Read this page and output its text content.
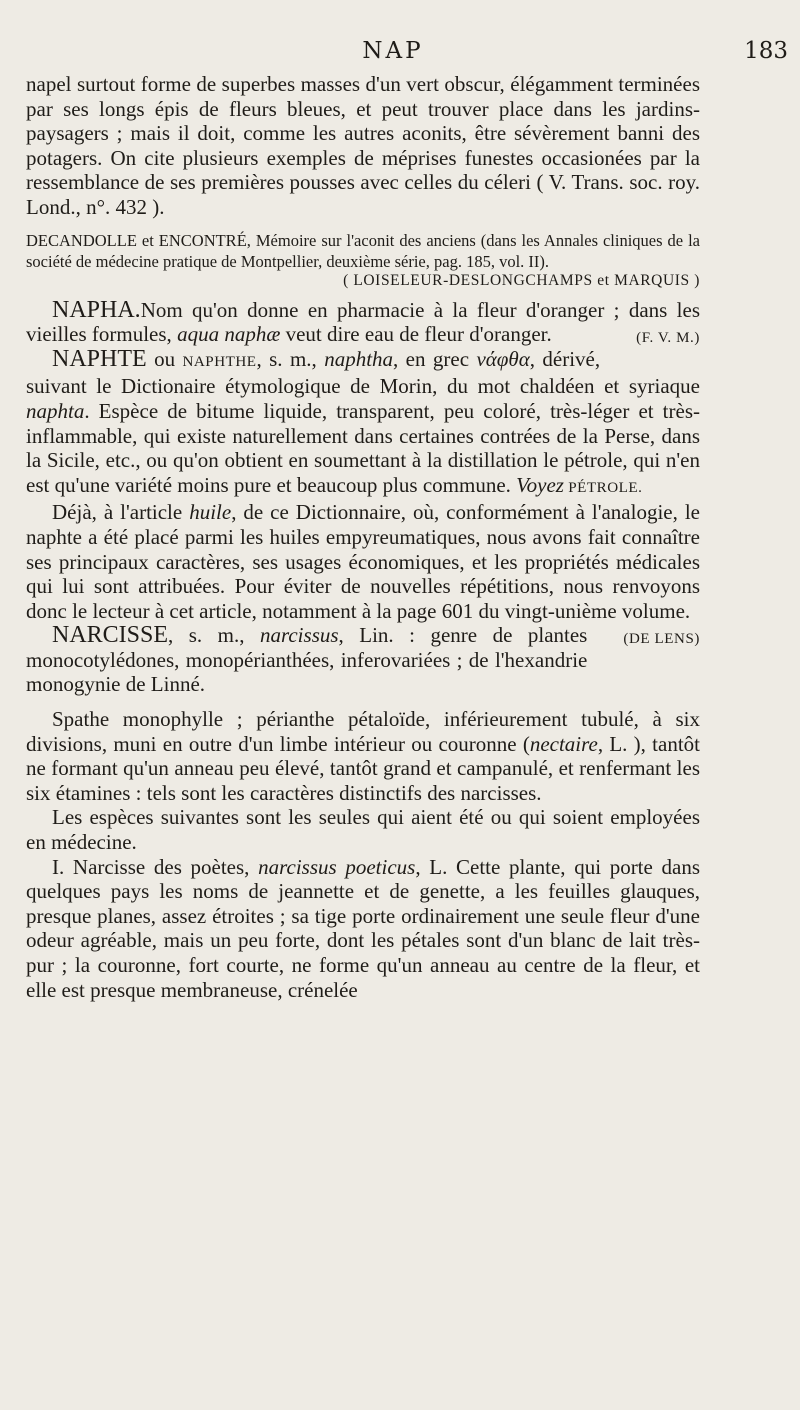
NAP	183

napel surtout forme de superbes masses d'un vert obscur, élégamment terminées par ses longs épis de fleurs bleues, et peut trouver place dans les jardins-paysagers ; mais il doit, comme les autres aconits, être sévèrement banni des potagers. On cite plusieurs exemples de méprises funestes occasionées par la ressemblance de ses premières pousses avec celles du céleri ( V. Trans. soc. roy. Lond., n°. 432 ).

DECANDOLLE et ENCONTRÉ, Mémoire sur l'aconit des anciens (dans les Annales cliniques de la société de médecine pratique de Montpellier, deuxième série, pag. 185, vol. II).

( LOISELEUR-DESLONGCHAMPS et MARQUIS )

NAPHA.Nom qu'on donne en pharmacie à la fleur d'oranger ; dans les vieilles formules, aqua naphæ veut dire eau de fleur d'oranger.	(F. V. M.)

NAPHTE ou NAPHTHE, s. m., naphtha, en grec νάφθα, dérivé, suivant le Dictionaire étymologique de Morin, du mot chaldéen et syriaque naphta. Espèce de bitume liquide, transparent, peu coloré, très-léger et très-inflammable, qui existe naturellement dans certaines contrées de la Perse, dans la Sicile, etc., ou qu'on obtient en soumettant à la distillation le pétrole, qui n'en est qu'une variété moins pure et beaucoup plus commune. Voyez PÉTROLE.

Déjà, à l'article huile, de ce Dictionnaire, où, conformément à l'analogie, le naphte a été placé parmi les huiles empyreumatiques, nous avons fait connaître ses principaux caractères, ses usages économiques, et les propriétés médicales qui lui sont attribuées. Pour éviter de nouvelles répétitions, nous renvoyons donc le lecteur à cet article, notamment à la page 601 du vingt-unième volume.
(DE LENS)

NARCISSE, s. m., narcissus, Lin. : genre de plantes monocotylédones, monopérianthées, inferovariées ; de l'hexandrie monogynie de Linné.

Spathe monophylle ; périanthe pétaloïde, inférieurement tubulé, à six divisions, muni en outre d'un limbe intérieur ou couronne (nectaire, L. ), tantôt ne formant qu'un anneau peu élevé, tantôt grand et campanulé, et renfermant les six étamines : tels sont les caractères distinctifs des narcisses.

Les espèces suivantes sont les seules qui aient été ou qui soient employées en médecine.

I. Narcisse des poètes, narcissus poeticus, L. Cette plante, qui porte dans quelques pays les noms de jeannette et de genette, a les feuilles glauques, presque planes, assez étroites ; sa tige porte ordinairement une seule fleur d'une odeur agréable, mais un peu forte, dont les pétales sont d'un blanc de lait très-pur ; la couronne, fort courte, ne forme qu'un anneau au centre de la fleur, et elle est presque membraneuse, crénelée
